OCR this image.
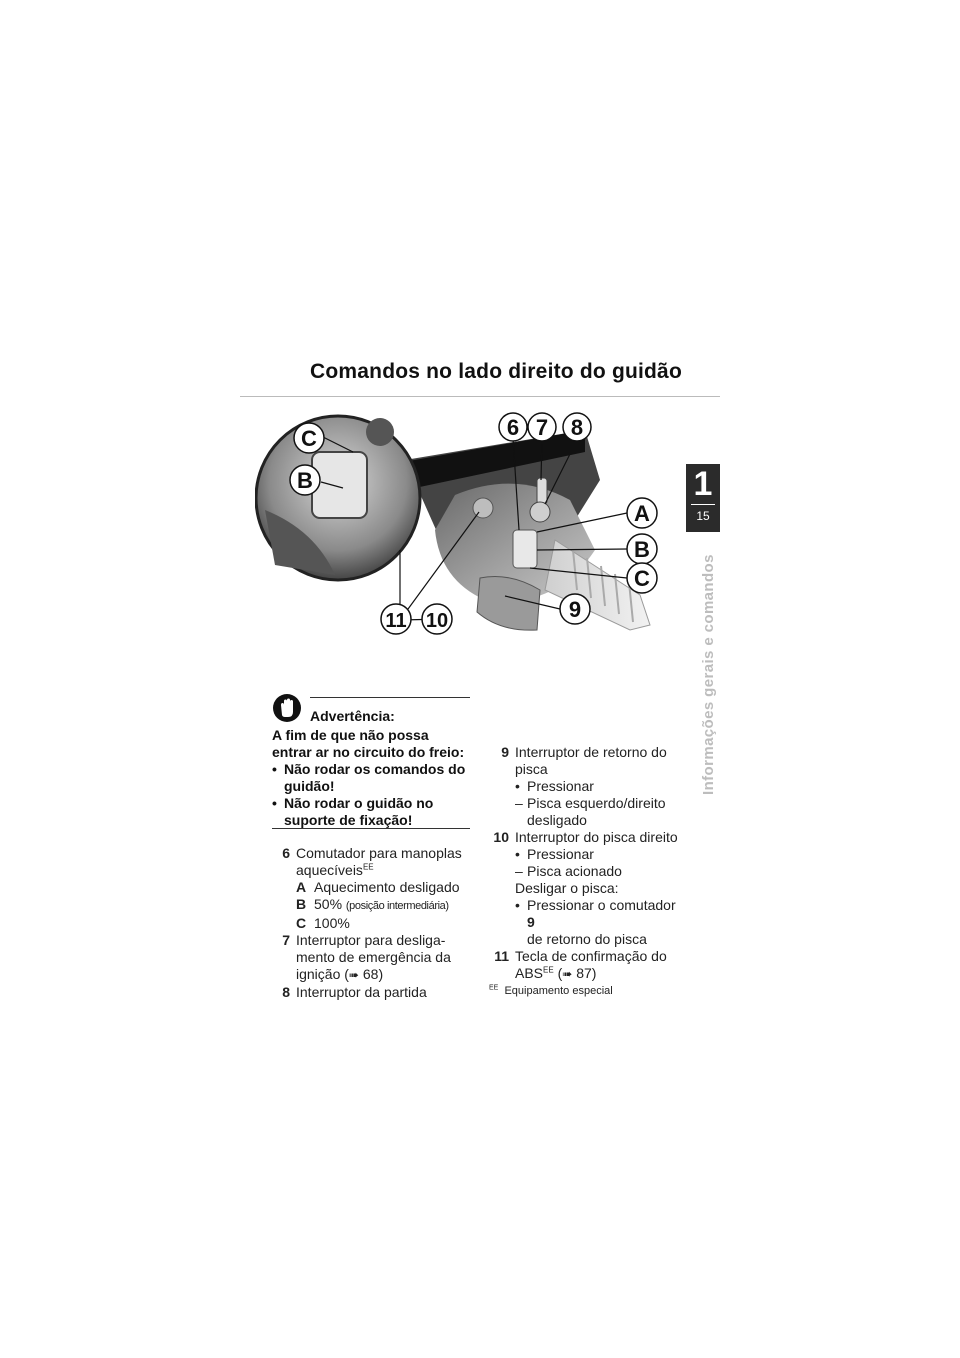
Comandos no lado direito do guidão
1
15
Informações gerais e comandos
C
B
6 7 8
A
B
C
9
10
11
Advertência:

A fim de que não possa entrar ar no circuito do freio:

• Não rodar os comandos do guidão!
• Não rodar o guidão no suporte de fixação!
6 Comutador para manoplas
aquecíveis$^{EE}$
A Aquecimento desligado
B 50% (posição intermediária)
C 100%
7 Interruptor para desliga-
mento de emergência da
ignição (➠ 68)
8 Interruptor da partida
9 Interruptor de retorno do
pisca
• Pressionar
– Pisca esquerdo/direito
desligado
10 Interruptor do pisca direito
• Pressionar
– Pisca acionado
Desligar o pisca:
• Pressionar o comutador 9
de retorno do pisca
11 Tecla de confirmação do
$ABS^{EE}$ (➠ 87)
$^{EE}$ Equipamento especial
